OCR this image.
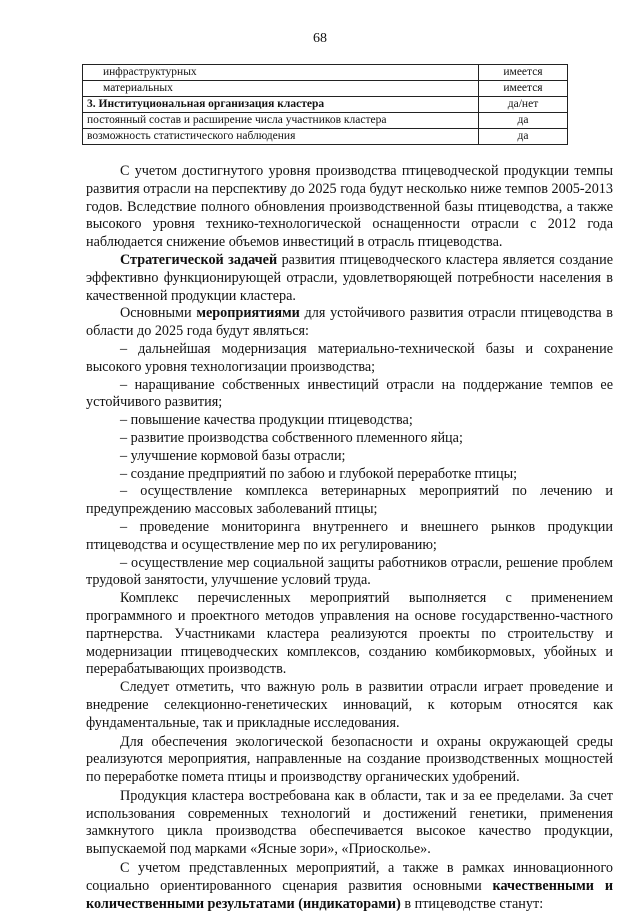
68
инфраструктурных	имеется
материальных	имеется
3. Институциональная организация кластера	да/нет
постоянный состав и расширение числа участников кластера	да
возможность статистического наблюдения	да

С учетом достигнутого уровня производства птицеводческой продукции темпы развития отрасли на перспективу до 2025 года будут несколько ниже темпов 2005-2013 годов. Вследствие полного обновления производственной базы птицеводства, а также высокого уровня технико-технологической оснащенности отрасли с 2012 года наблюдается снижение объемов инвестиций в отрасль птицеводства.

Стратегической задачей развития птицеводческого кластера является создание эффективно функционирующей отрасли, удовлетворяющей потребности населения в качественной продукции кластера.

Основными мероприятиями для устойчивого развития отрасли птицеводства в области до 2025 года будут являться:

– дальнейшая модернизация материально-технической базы и сохранение высокого уровня технологизации производства;

– наращивание собственных инвестиций отрасли на поддержание темпов ее устойчивого развития;

– повышение качества продукции птицеводства;

– развитие производства собственного племенного яйца;

– улучшение кормовой базы отрасли;

– создание предприятий по забою и глубокой переработке птицы;

– осуществление комплекса ветеринарных мероприятий по лечению и предупреждению массовых заболеваний птицы;

– проведение мониторинга внутреннего и внешнего рынков продукции птицеводства и осуществление мер по их регулированию;

– осуществление мер социальной защиты работников отрасли, решение проблем трудовой занятости, улучшение условий труда.

Комплекс перечисленных мероприятий выполняется с применением программного и проектного методов управления на основе государственно-частного партнерства. Участниками кластера реализуются проекты по строительству и модернизации птицеводческих комплексов, созданию комбикормовых, убойных и перерабатывающих производств.

Следует отметить, что важную роль в развитии отрасли играет проведение и внедрение селекционно-генетических инноваций, к которым относятся как фундаментальные, так и прикладные исследования.

Для обеспечения экологической безопасности и охраны окружающей среды реализуются мероприятия, направленные на создание производственных мощностей по переработке помета птицы и производству органических удобрений.

Продукция кластера востребована как в области, так и за ее пределами. За счет использования современных технологий и достижений генетики, применения замкнутого цикла производства обеспечивается высокое качество продукции, выпускаемой под марками «Ясные зори», «Приосколье».

С учетом представленных мероприятий, а также в рамках инновационного социально ориентированного сценария развития основными качественными и количественными результатами (индикаторами) в птицеводстве станут:
